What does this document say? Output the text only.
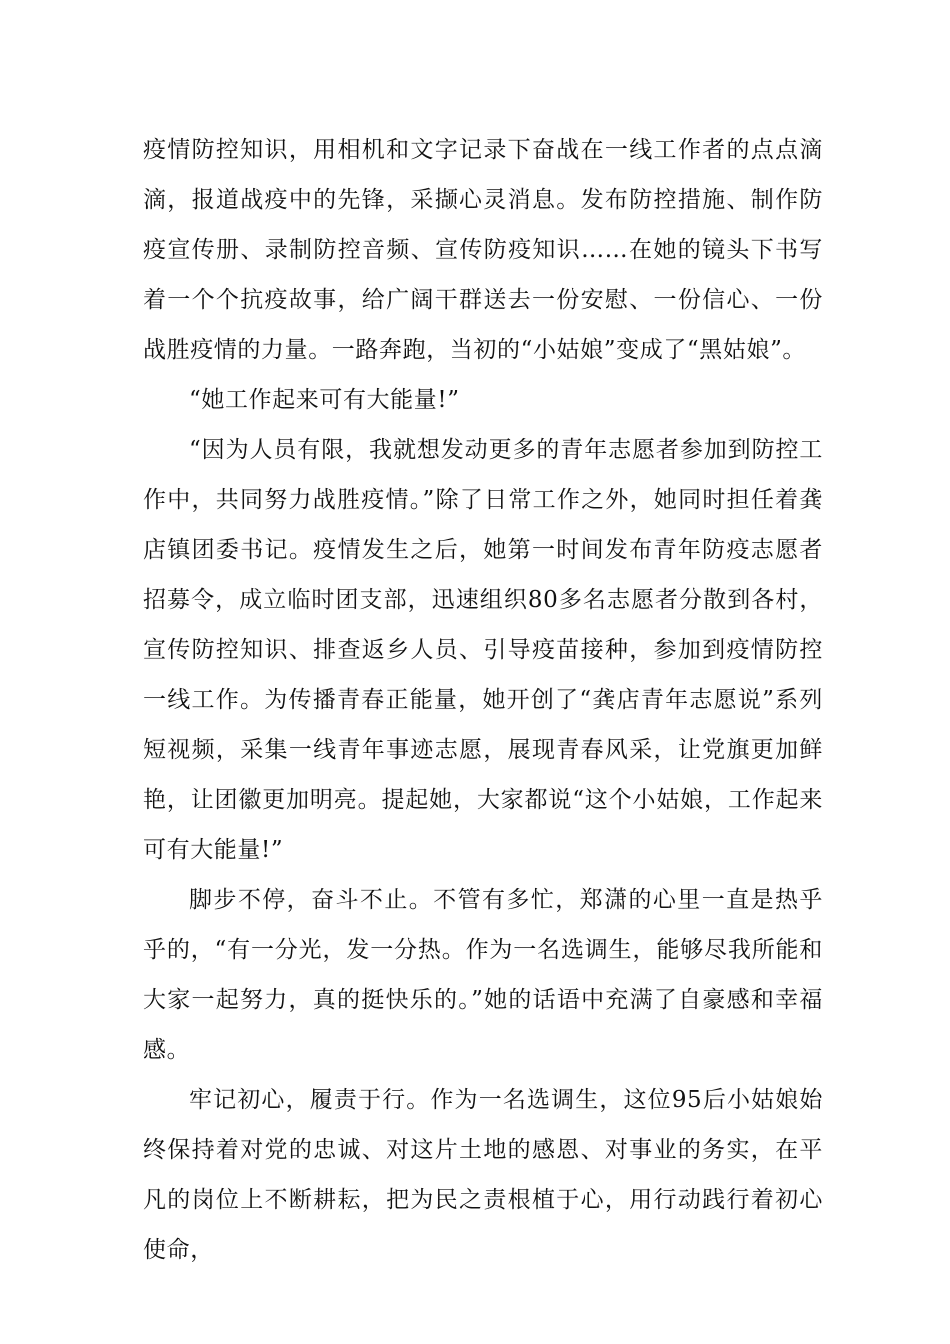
疫情防控知识，用相机和文字记录下奋战在一线工作者的点点滴滴，报道战疫中的先锋，采撷心灵消息。发布防控措施、制作防疫宣传册、录制防控音频、宣传防疫知识……在她的镜头下书写着一个个抗疫故事，给广阔干群送去一份安慰、一份信心、一份战胜疫情的力量。一路奔跑，当初的“小姑娘”变成了“黑姑娘”。

“她工作起来可有大能量!”

“因为人员有限，我就想发动更多的青年志愿者参加到防控工作中，共同努力战胜疫情。”除了日常工作之外，她同时担任着龚店镇团委书记。疫情发生之后，她第一时间发布青年防疫志愿者招募令，成立临时团支部，迅速组织80多名志愿者分散到各村，宣传防控知识、排查返乡人员、引导疫苗接种，参加到疫情防控一线工作。为传播青春正能量，她开创了“龚店青年志愿说”系列短视频，采集一线青年事迹志愿，展现青春风采，让党旗更加鲜艳，让团徽更加明亮。提起她，大家都说“这个小姑娘，工作起来可有大能量!”

脚步不停，奋斗不止。不管有多忙，郑潇的心里一直是热乎乎的，“有一分光，发一分热。作为一名选调生，能够尽我所能和大家一起努力，真的挺快乐的。”她的话语中充满了自豪感和幸福感。

牢记初心，履责于行。作为一名选调生，这位95后小姑娘始终保持着对党的忠诚、对这片土地的感恩、对事业的务实，在平凡的岗位上不断耕耘，把为民之责根植于心，用行动践行着初心使命，
